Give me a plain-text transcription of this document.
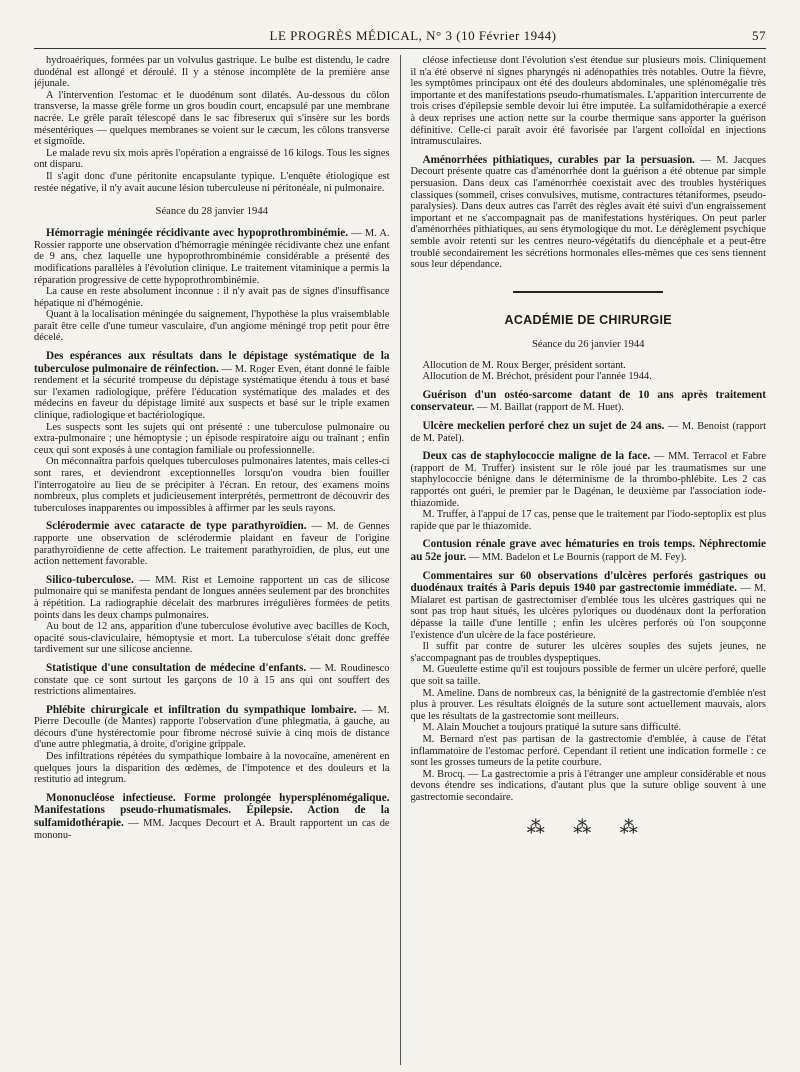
LE PROGRÈS MÉDICAL, N° 3 (10 Février 1944)	57

hydroaériques, formées par un volvulus gastrique. Le bulbe est distendu, le cadre duodénal est allongé et déroulé. Il y a sténose incomplète de la première anse jéjunale.

A l'intervention l'estomac et le duodénum sont dilatés. Au-dessous du côlon transverse, la masse grêle forme un gros boudin court, encapsulé par une membrane nacrée. Le grêle paraît télescopé dans le sac fibreserux qui s'insère sur les bords mésentériques — quelques membranes se voient sur le cæcum, les côlons transverse et sigmoïde.

Le malade revu six mois après l'opération a engraissé de 16 kilogs. Tous les signes ont disparu.

Il s'agit donc d'une péritonite encapsulante typique. L'enquête étiologique est restée négative, il n'y avait aucune lésion tuberculeuse ni péritonéale, ni pulmonaire.

Séance du 28 janvier 1944

Hémorragie méningée récidivante avec hypoprothrombinémie. — M. A. Rossier rapporte une observation d'hémorragie méningée récidivante chez une enfant de 9 ans, chez laquelle une hypoprothrombinémie considérable a présenté des modifications parallèles à l'évolution clinique. Le traitement vitaminique a permis la réparation progressive de cette hypoprothrombinémie.

La cause en reste absolument inconnue : il n'y avait pas de signes d'insuffisance hépatique ni d'hémogénie.

Quant à la localisation méningée du saignement, l'hypothèse la plus vraisemblable paraît être celle d'une tumeur vasculaire, d'un angiome méningé trop petit pour être décelé.

Des espérances aux résultats dans le dépistage systématique de la tuberculose pulmonaire de réinfection. — M. Roger Even, étant donné le faible rendement et la sécurité trompeuse du dépistage systématique étendu à tous et basé sur l'examen radiologique, préfère l'éducation systématique des malades et des médecins en faveur du dépistage limité aux suspects et basé sur le triple examen clinique, radiologique et bactériologique.

Les suspects sont les sujets qui ont présenté : une tuberculose pulmonaire ou extra-pulmonaire ; une hémoptysie ; un épisode respiratoire aigu ou traînant ; enfin ceux qui sont exposés à une contagion familiale ou professionnelle.

On méconnaîtra parfois quelques tuberculoses pulmonaires latentes, mais celles-ci sont rares, et deviendront exceptionnelles lorsqu'on voudra bien fouiller l'interrogatoire au lieu de se précipiter à l'écran. En retour, des examens moins nombreux, plus complets et judicieusement interprétés, permettront de découvrir des tuberculoses inapparentes ou impossibles à affirmer par les seuls rayons.

Sclérodermie avec cataracte de type parathyroïdien. — M. de Gennes rapporte une observation de sclérodermie plaidant en faveur de l'origine parathyroïdienne de cette affection. Le traitement parathyroïdien, de plus, eut une action nettement favorable.

Silico-tuberculose. — MM. Rist et Lemoine rapportent un cas de silicose pulmonaire qui se manifesta pendant de longues années seulement par des bronchites à répétition. La radiographie décelait des marbrures irrégulières formées de petits points dans les deux champs pulmonaires.

Au bout de 12 ans, apparition d'une tuberculose évolutive avec bacilles de Koch, opacité sous-claviculaire, hémoptysie et mort. La tuberculose s'était donc greffée tardivement sur une silicose ancienne.

Statistique d'une consultation de médecine d'enfants. — M. Roudinesco constate que ce sont surtout les garçons de 10 à 15 ans qui ont souffert des restrictions alimentaires.

Phlébite chirurgicale et infiltration du sympathique lombaire. — M. Pierre Decoulle (de Mantes) rapporte l'observation d'une phlegmatia, à gauche, au décours d'une hystérectomie pour fibrome nécrosé suivie à cinq mois de distance d'une autre phlegmatia, à droite, d'origine grippale.

Des infiltrations répétées du sympathique lombaire à la novocaïne, amenèrent en quelques jours la disparition des œdèmes, de l'impotence et des douleurs et la restitutio ad integrum.

Mononucléose infectieuse. Forme prolongée hypersplénomégalique. Manifestations pseudo-rhumatismales. Épilepsie. Action de la sulfamidothérapie. — MM. Jacques Decourt et A. Brault rapportent un cas de mononu-

cléose infectieuse dont l'évolution s'est étendue sur plusieurs mois. Cliniquement il n'a été observé ni signes pharyngés ni adénopathies très notables. Outre la fièvre, les symptômes principaux ont été des douleurs abdominales, une splénomégalie très importante et des manifestations pseudo-rhumatismales. L'apparition intercurrente de trois crises d'épilepsie semble devoir lui être imputée. La sulfamidothérapie a exercé à deux reprises une action nette sur la courbe thermique sans apporter la guérison définitive. Celle-ci paraît avoir été favorisée par l'argent colloïdal en injections intramusculaires.

Aménorrhées pithiatiques, curables par la persuasion. — M. Jacques Decourt présente quatre cas d'aménorrhée dont la guérison a été obtenue par simple persuasion. Dans deux cas l'aménorrhée coexistait avec des troubles hystériques classiques (sommeil, crises convulsives, mutisme, contractures tétaniformes, pseudo-paralysies). Dans deux autres cas l'arrêt des règles avait été suivi d'un engraissement important et ne s'accompagnait pas de manifestations hystériques. On peut parler d'aménorrhées pithiatiques, au sens étymologique du mot. Le dérèglement psychique semble avoir retenti sur les centres neuro-végétatifs du diencéphale et a peut-être troublé secondairement les sécrétions hormonales elles-mêmes que ces sens tiennent sous leur dépendance.

ACADÉMIE DE CHIRURGIE
Séance du 26 janvier 1944

Allocution de M. Roux Berger, président sortant.

Allocution de M. Bréchot, président pour l'année 1944.

Guérison d'un ostéo-sarcome datant de 10 ans après traitement conservateur. — M. Baillat (rapport de M. Huet).

Ulcère meckelien perforé chez un sujet de 24 ans. — M. Benoist (rapport de M. Patel).

Deux cas de staphylococcie maligne de la face. — MM. Terracol et Fabre (rapport de M. Truffer) insistent sur le rôle joué par les traumatismes sur une staphylococcie bénigne dans le déterminisme de la thrombo-phlébite. Les 2 cas rapportés ont guéri, le premier par le Dagénan, le deuxième par l'association iode-thiazomide.

M. Truffer, à l'appui de 17 cas, pense que le traitement par l'iodo-septoplix est plus rapide que par le thiazomide.

Contusion rénale grave avec hématuries en trois temps. Néphrectomie au 52e jour. — MM. Badelon et Le Bournis (rapport de M. Fey).

Commentaires sur 60 observations d'ulcères perforés gastriques ou duodénaux traités à Paris depuis 1940 par gastrectomie immédiate. — M. Mialaret est partisan de gastrectomiser d'emblée tous les ulcères gastriques qui ne sont pas trop haut situés, les ulcères pyloriques ou duodénaux dont la perforation dépasse la taille d'une lentille ; enfin les ulcères perforés où l'on soupçonne l'existence d'un ulcère de la face postérieure.

Il suffit par contre de suturer les ulcères souples des sujets jeunes, ne s'accompagnant pas de troubles dyspeptiques.

M. Gueulette estime qu'il est toujours possible de fermer un ulcère perforé, quelle que soit sa taille.

M. Ameline. Dans de nombreux cas, la bénignité de la gastrectomie d'emblée n'est plus à prouver. Les résultats éloignés de la suture sont actuellement mauvais, alors que les résultats de la gastrectomie sont meilleurs.

M. Alain Mouchet a toujours pratiqué la suture sans difficulté.

M. Bernard n'est pas partisan de la gastrectomie d'emblée, à cause de l'état inflammatoire de l'estomac perforé. Cependant il retient une indication formelle : ce sont les grosses tumeurs de la petite courbure.

M. Brocq. — La gastrectomie a pris à l'étranger une ampleur considérable et nous devons étendre ses indications, d'autant plus que la suture oblige souvent à une gastrectomie secondaire.

⁂ ⁂ ⁂
